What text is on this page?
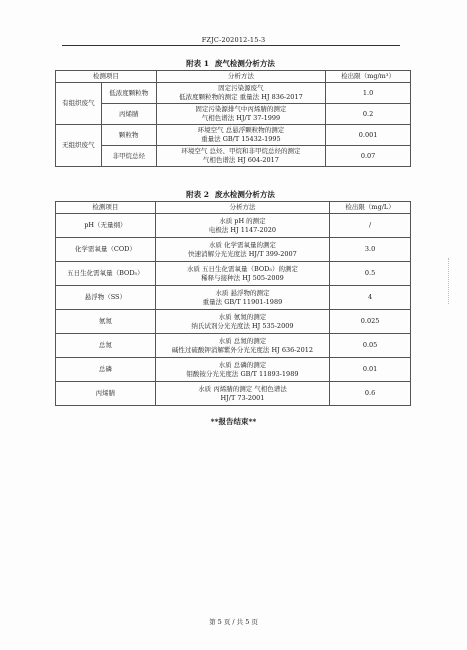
FZJC-202012-15-3
附表 1 废气检测分析方法
检测项目		分析方法	检出限（mg/m³）
有组织废气	低浓度颗粒物	固定污染源废气
低浓度颗粒物的测定 重量法 HJ 836-2017	1.0
	丙烯腈	固定污染源排气中丙烯腈的测定
气相色谱法 HJ/T 37-1999	0.2
无组织废气	颗粒物	环境空气 总悬浮颗粒物的测定
重量法 GB/T 15432-1995	0.001
	非甲烷总烃	环境空气 总烃、甲烷和非甲烷总烃的测定
气相色谱法 HJ 604-2017	0.07
附表 2 废水检测分析方法
检测项目	分析方法	检出限（mg/L）
pH（无量纲）	水质 pH 的测定
电极法 HJ 1147-2020	/
化学需氧量（COD）	水质 化学需氧量的测定
快速消解分光光度法 HJ/T 399-2007	3.0
五日生化需氧量（BOD₅）	水质 五日生化需氧量（BOD₅）的测定
稀释与接种法 HJ 505-2009	0.5
悬浮物（SS）	水质 悬浮物的测定
重量法 GB/T 11901-1989	4
氨氮	水质 氨氮的测定
纳氏试剂分光光度法 HJ 535-2009	0.025
总氮	水质 总氮的测定
碱性过硫酸钾消解紫外分光光度法 HJ 636-2012	0.05
总磷	水质 总磷的测定
钼酸铵分光光度法 GB/T 11893-1989	0.01
丙烯腈	水质 丙烯腈的测定 气相色谱法
HJ/T 73-2001	0.6
**报告结束**
第 5 页 / 共 5 页
